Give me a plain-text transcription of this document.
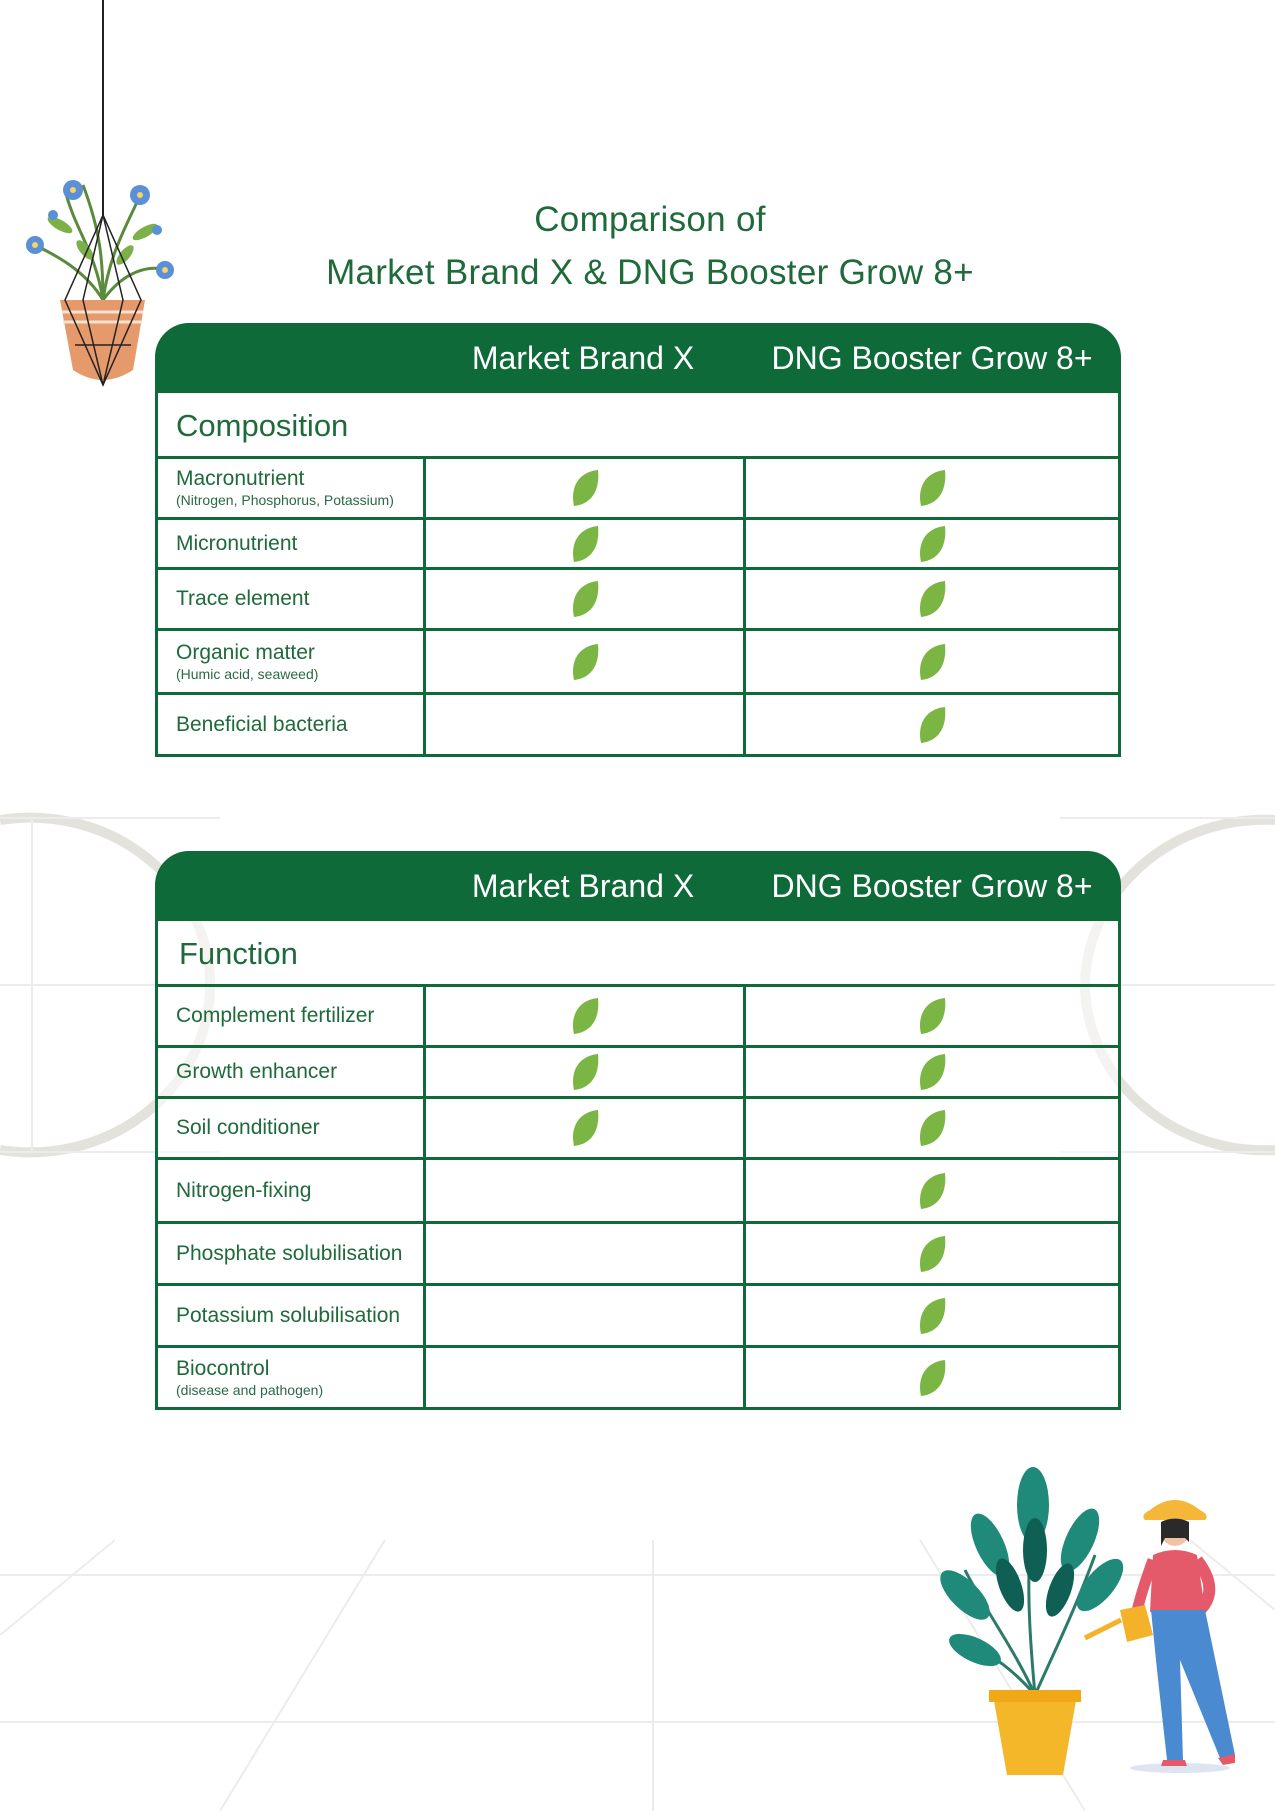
Comparison of
Market Brand X & DNG Booster Grow 8+
Market Brand X	DNG Booster Grow 8+
Composition
Macronutrient
(Nitrogen, Phosphorus, Potassium)
Micronutrient
Trace element
Organic matter
(Humic acid, seaweed)
Beneficial bacteria
Market Brand X	DNG Booster Grow 8+
Function
Complement fertilizer
Growth enhancer
Soil conditioner
Nitrogen-fixing
Phosphate solubilisation
Potassium solubilisation
Biocontrol
(disease and pathogen)
